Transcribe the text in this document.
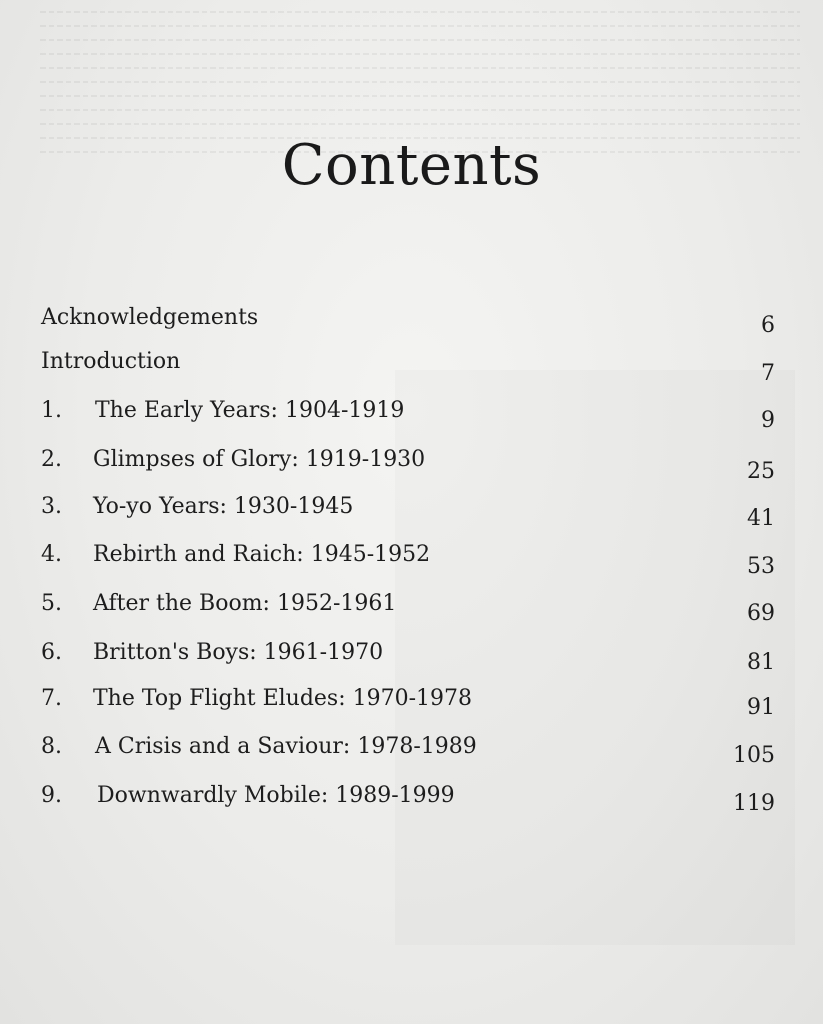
Contents
Acknowledgements	6
Introduction	7
1. The Early Years: 1904-1919	9
2. Glimpses of Glory: 1919-1930	25
3. Yo-yo Years: 1930-1945	41
4. Rebirth and Raich: 1945-1952	53
5. After the Boom: 1952-1961	69
6. Britton's Boys: 1961-1970	81
7. The Top Flight Eludes: 1970-1978	91
8. A Crisis and a Saviour: 1978-1989	105
9. Downwardly Mobile: 1989-1999	119
